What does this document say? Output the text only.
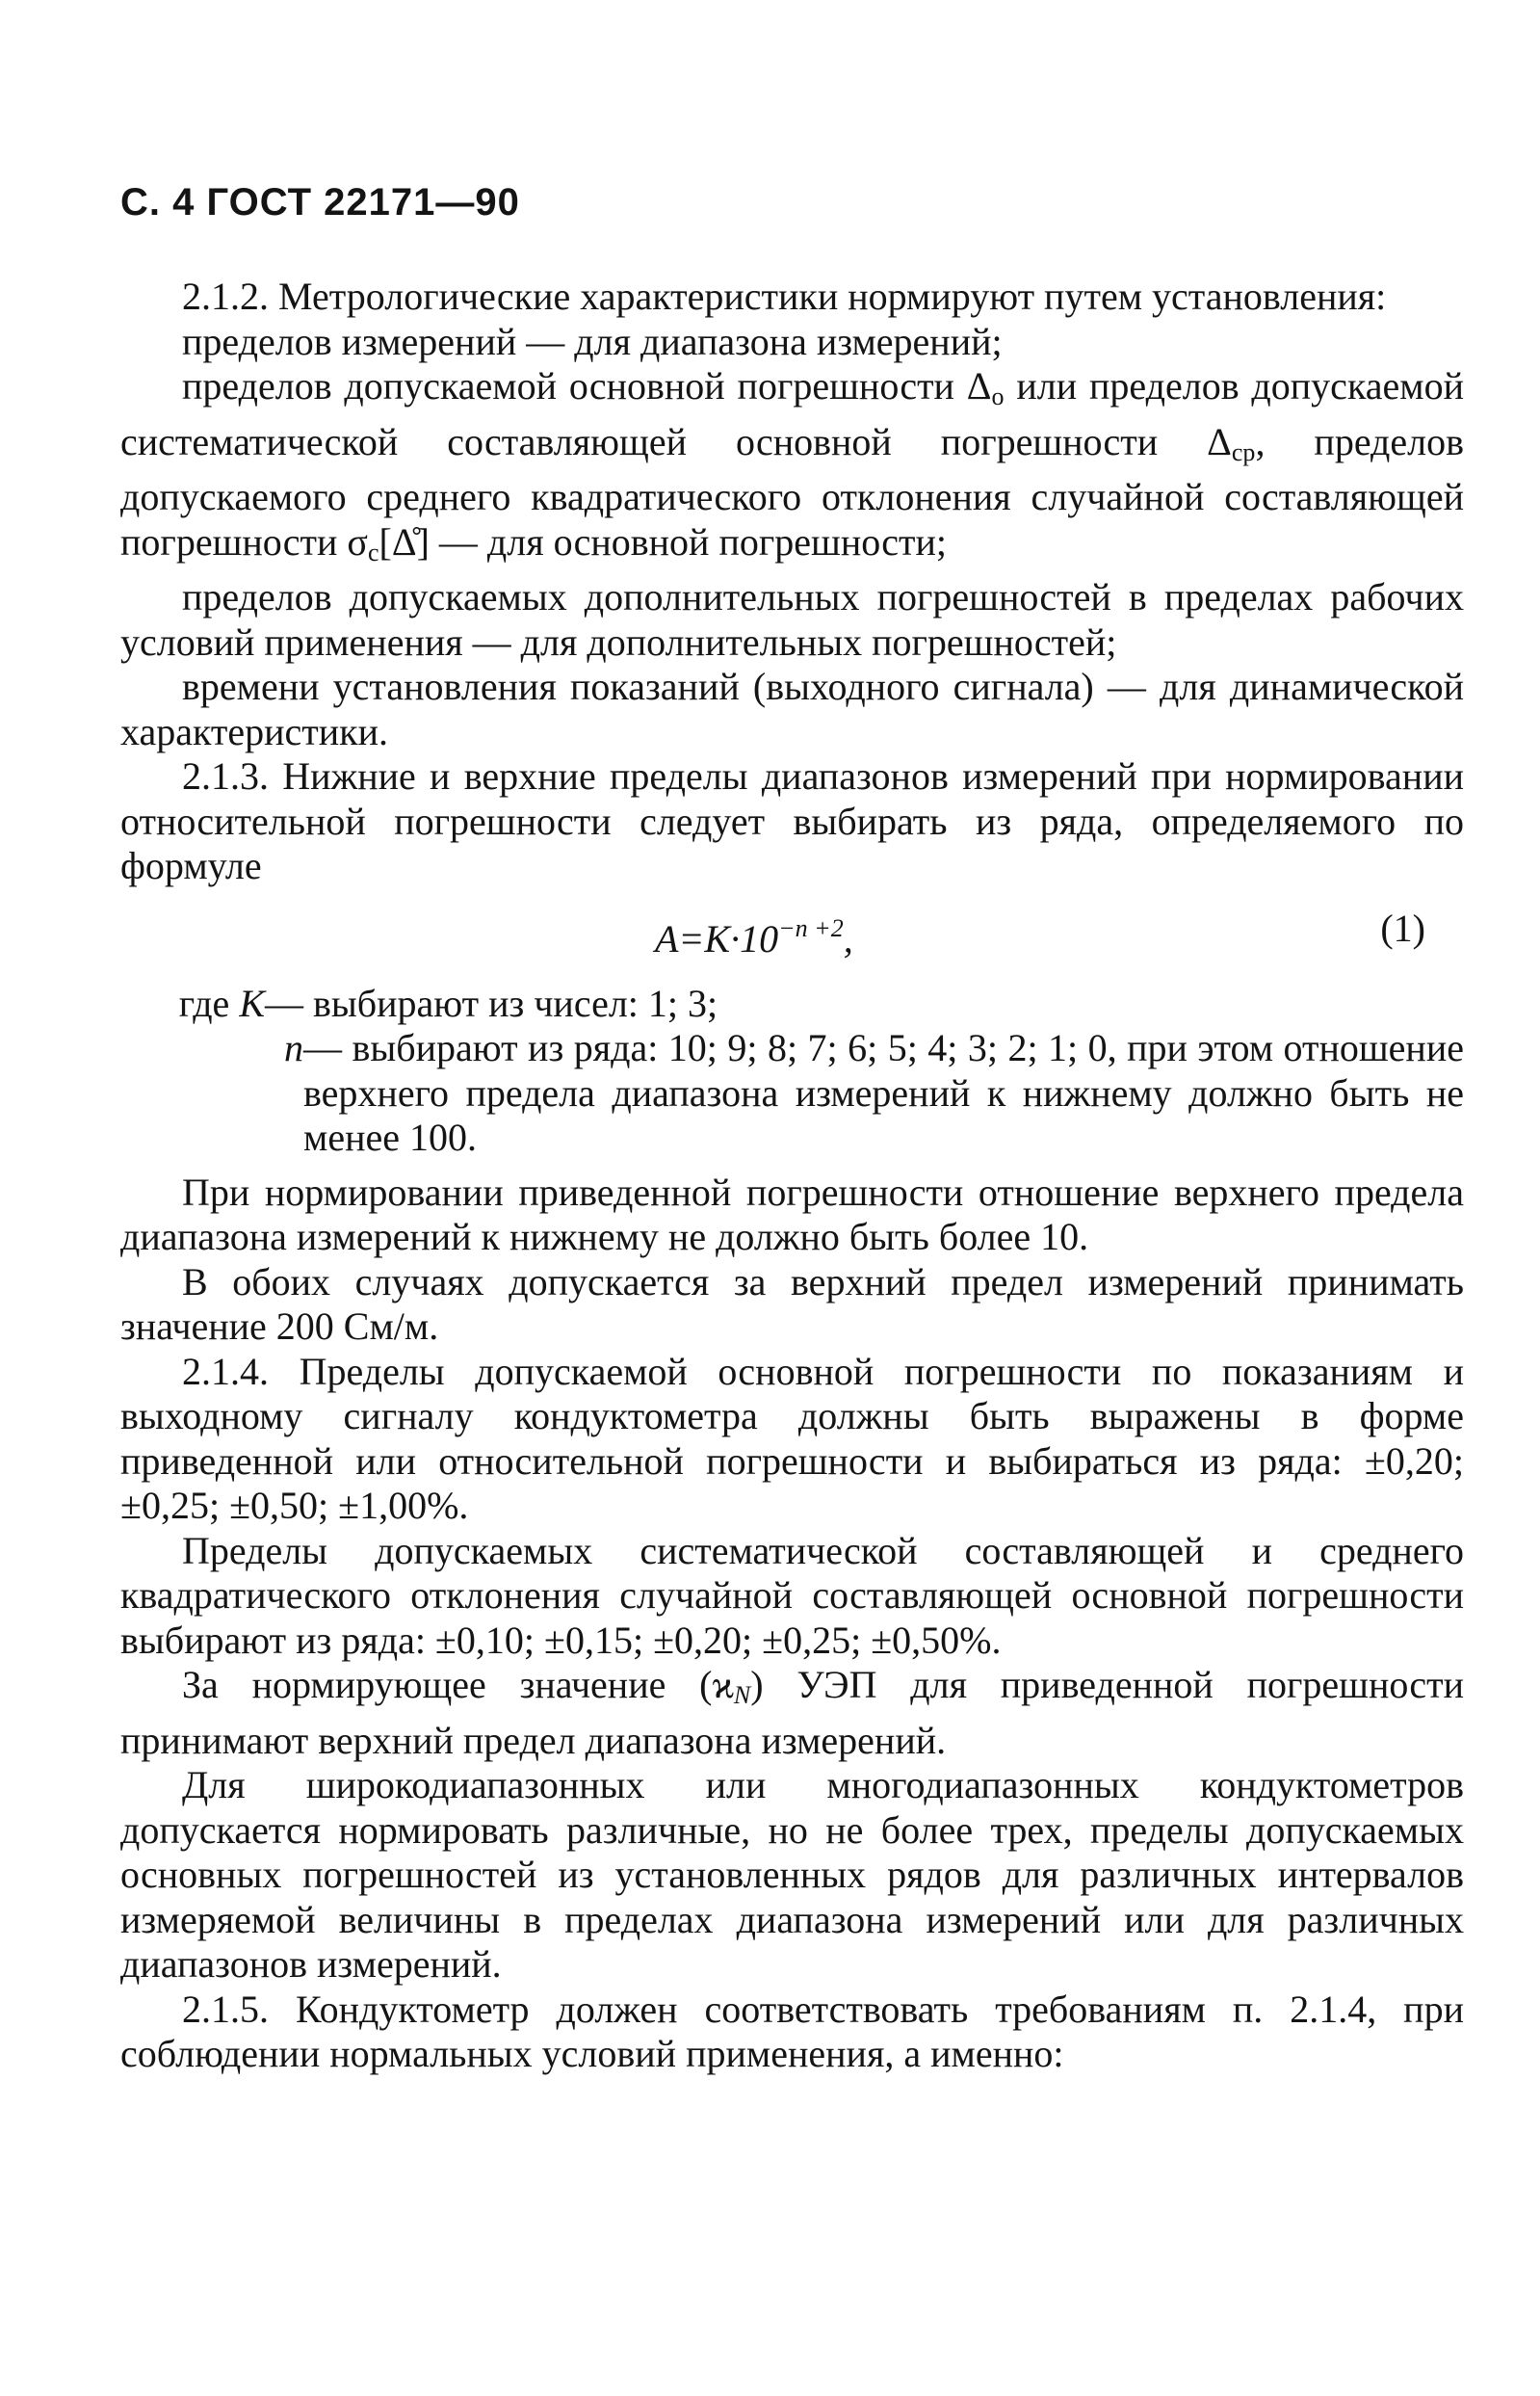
С. 4 ГОСТ 22171—90

2.1.2. Метрологические характеристики нормируют путем установления:

пределов измерений — для диапазона измерений;

пределов допускаемой основной погрешности $\Delta_о$ или пределов допускаемой систематической составляющей основной погрешности $\Delta_{ср}$, пределов допускаемого среднего квадратического отклонения случайной составляющей погрешности $\sigma_c[\Deltå]$ — для основной погрешности;

пределов допускаемых дополнительных погрешностей в пределах рабочих условий применения — для дополнительных погрешностей;

времени установления показаний (выходного сигнала) — для динамической характеристики.

2.1.3. Нижние и верхние пределы диапазонов измерений при нормировании относительной погрешности следует выбирать из ряда, определяемого по формуле

$A=K\cdot 10^{-n +2}$,	(1)
где K — выбирают из чисел: 1; 3;
n — выбирают из ряда: 10; 9; 8; 7; 6; 5; 4; 3; 2; 1; 0, при этом отношение верхнего предела диапазона измерений к нижнему должно быть не менее 100.

При нормировании приведенной погрешности отношение верхнего предела диапазона измерений к нижнему не должно быть более 10.

В обоих случаях допускается за верхний предел измерений принимать значение 200 См/м.

2.1.4. Пределы допускаемой основной погрешности по показаниям и выходному сигналу кондуктометра должны быть выражены в форме приведенной или относительной погрешности и выбираться из ряда: ±0,20; ±0,25; ±0,50; ±1,00%.

Пределы допускаемых систематической составляющей и среднего квадратического отклонения случайной составляющей основной погрешности выбирают из ряда: ±0,10; ±0,15; ±0,20; ±0,25; ±0,50%.

За нормирующее значение $(ϰ_N)$ УЭП для приведенной погрешности принимают верхний предел диапазона измерений.

Для широкодиапазонных или многодиапазонных кондуктометров допускается нормировать различные, но не более трех, пределы допускаемых основных погрешностей из установленных рядов для различных интервалов измеряемой величины в пределах диапазона измерений или для различных диапазонов измерений.

2.1.5. Кондуктометр должен соответствовать требованиям п. 2.1.4, при соблюдении нормальных условий применения, а именно:
